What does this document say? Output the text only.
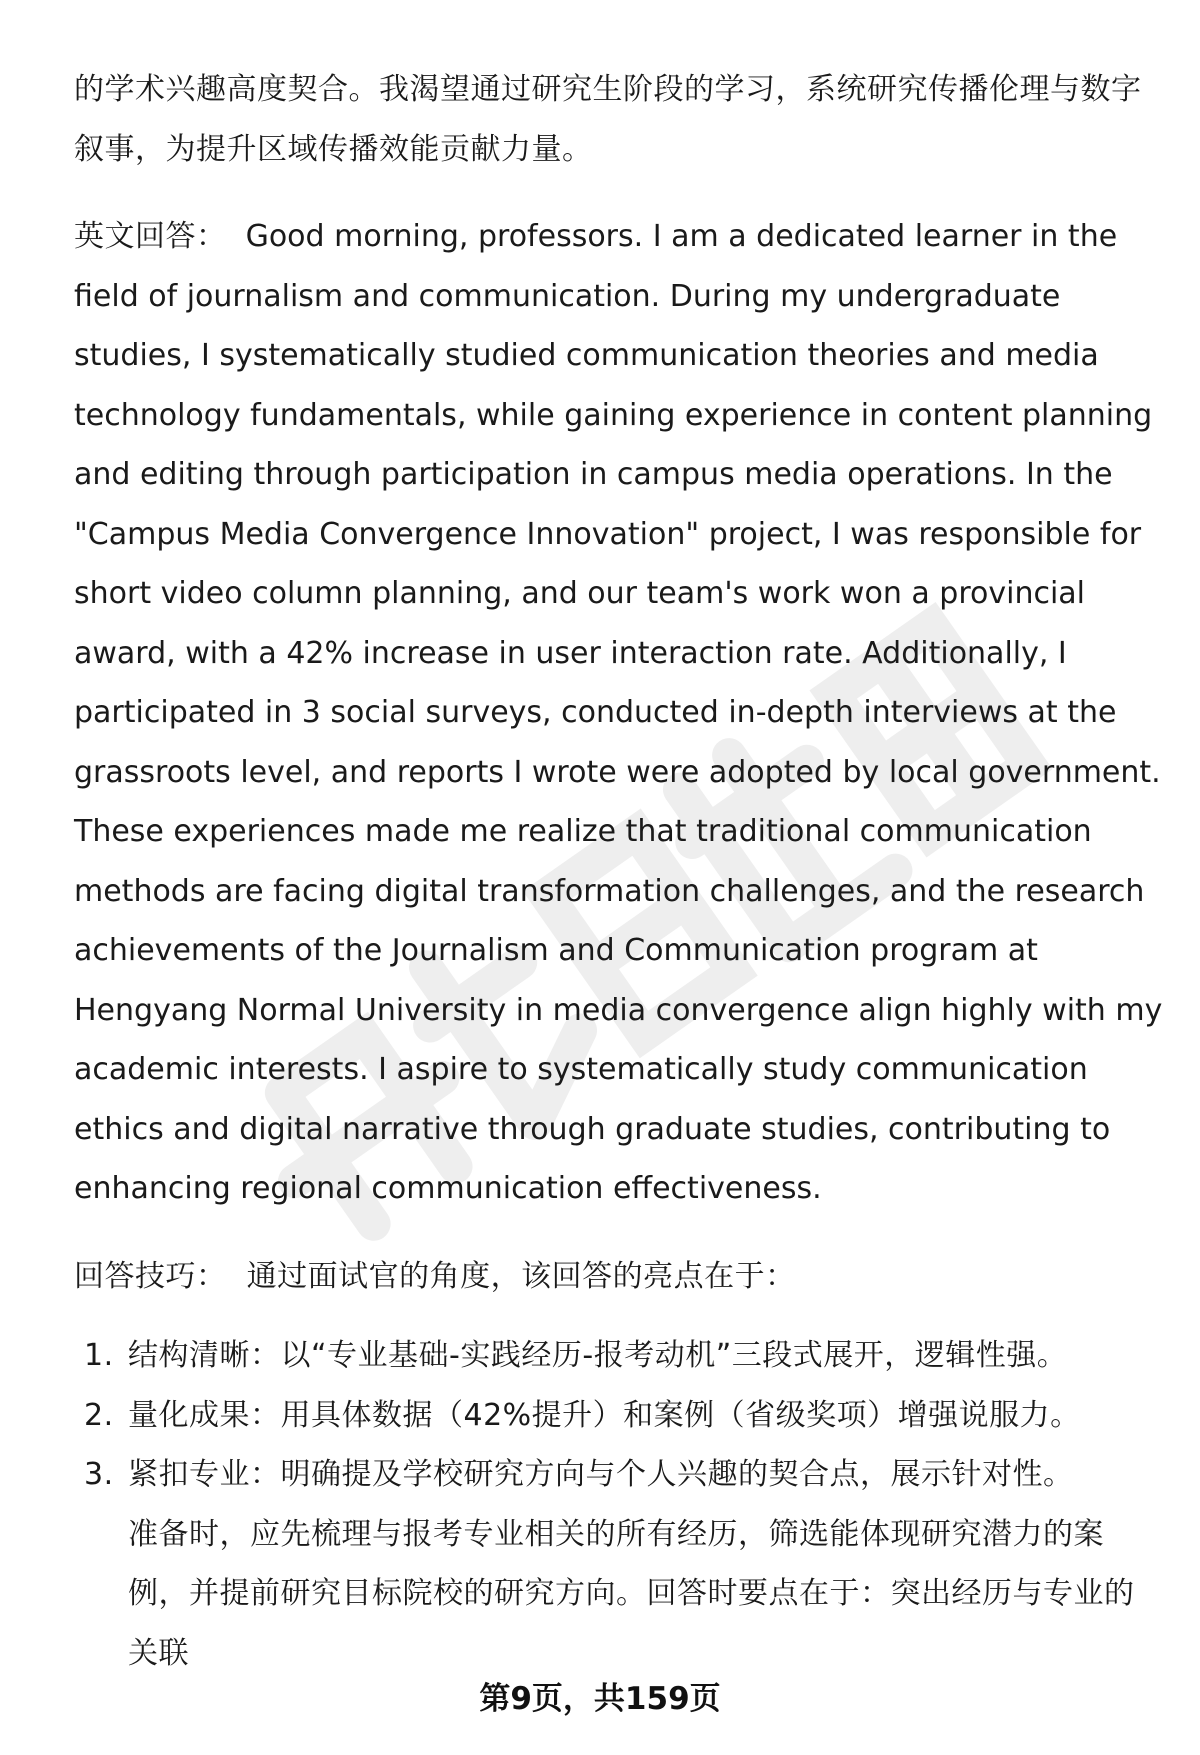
的学术兴趣高度契合。我渴望通过研究生阶段的学习，系统研究传播伦理与数字叙事，为提升区域传播效能贡献力量。

英文回答： Good morning, professors. I am a dedicated learner in the field of journalism and communication. During my undergraduate studies, I systematically studied communication theories and media technology fundamentals, while gaining experience in content planning and editing through participation in campus media operations. In the "Campus Media Convergence Innovation" project, I was responsible for short video column planning, and our team's work won a provincial award, with a 42% increase in user interaction rate. Additionally, I participated in 3 social surveys, conducted in-depth interviews at the grassroots level, and reports I wrote were adopted by local government. These experiences made me realize that traditional communication methods are facing digital transformation challenges, and the research achievements of the Journalism and Communication program at Hengyang Normal University in media convergence align highly with my academic interests. I aspire to systematically study communication ethics and digital narrative through graduate studies, contributing to enhancing regional communication effectiveness.

回答技巧： 通过面试官的角度，该回答的亮点在于：

1. 结构清晰：以“专业基础-实践经历-报考动机”三段式展开，逻辑性强。
2. 量化成果：用具体数据（42%提升）和案例（省级奖项）增强说服力。
3. 紧扣专业：明确提及学校研究方向与个人兴趣的契合点，展示针对性。
准备时，应先梳理与报考专业相关的所有经历，筛选能体现研究潜力的案例，并提前研究目标院校的研究方向。回答时要点在于：突出经历与专业的关联
第9页，共159页
